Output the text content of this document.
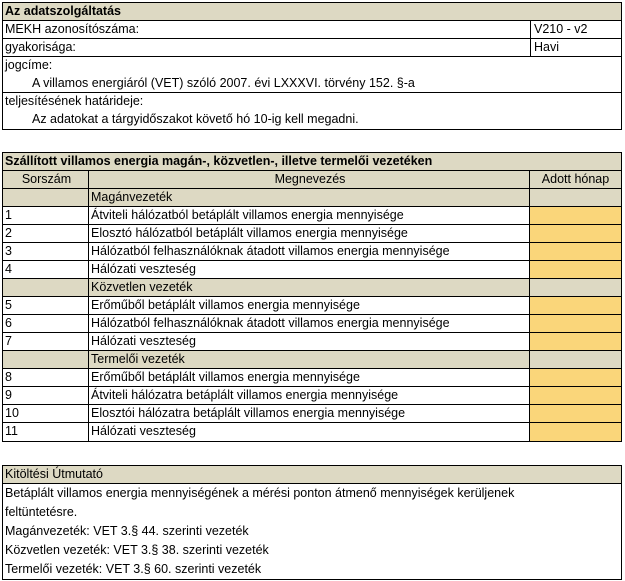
Az adatszolgáltatás
MEKH azonosítószáma:	V210 - v2
gyakorisága:	Havi
jogcíme:
A villamos energiáról (VET) szóló 2007. évi LXXXVI. törvény 152. §-a
teljesítésének határideje:
Az adatokat a tárgyidőszakot követő hó 10-ig kell megadni.
Szállított villamos energia magán-, közvetlen-, illetve termelői vezetéken
Sorszám	Megnevezés	Adott hónap
Magánvezeték
1	Átviteli hálózatból betáplált villamos energia mennyisége
2	Elosztó hálózatból betáplált villamos energia mennyisége
3	Hálózatból felhasználóknak átadott villamos energia mennyisége
4	Hálózati veszteség
Közvetlen vezeték
5	Erőműből betáplált villamos energia mennyisége
6	Hálózatból felhasználóknak átadott villamos energia mennyisége
7	Hálózati veszteség
Termelői vezeték
8	Erőműből betáplált villamos energia mennyisége
9	Átviteli hálózatra betáplált villamos energia mennyisége
10	Elosztói hálózatra betáplált villamos energia mennyisége
11	Hálózati veszteség
Kitöltési Útmutató
Betáplált villamos energia mennyiségének a mérési ponton átmenő mennyiségek kerüljenek
feltüntetésre.
Magánvezeték: VET 3.§ 44. szerinti vezeték
Közvetlen vezeték: VET 3.§ 38. szerinti vezeték
Termelői vezeték: VET 3.§ 60. szerinti vezeték
